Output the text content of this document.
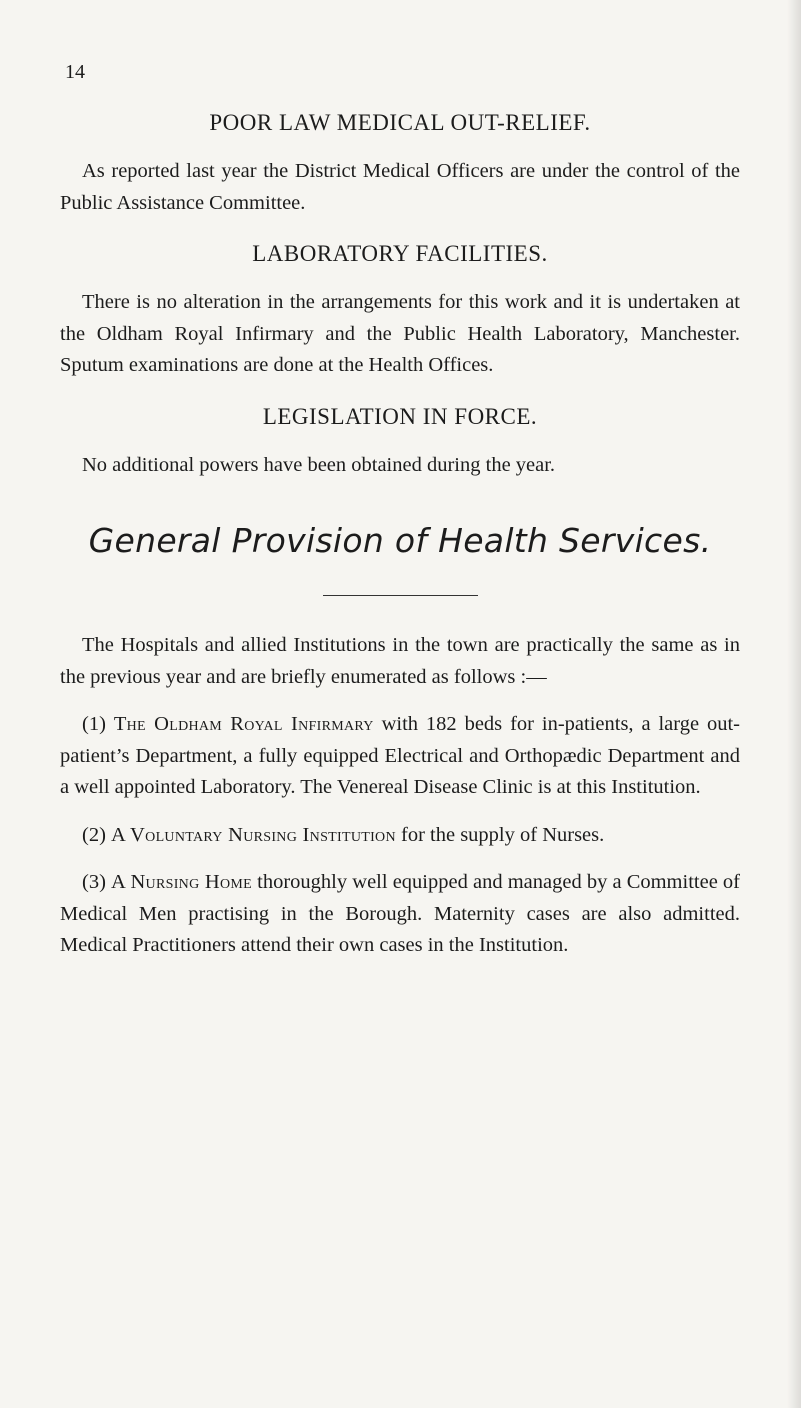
14
POOR LAW MEDICAL OUT-RELIEF.

As reported last year the District Medical Officers are under the control of the Public Assistance Committee.

LABORATORY FACILITIES.

There is no alteration in the arrangements for this work and it is undertaken at the Oldham Royal Infirmary and the Public Health Laboratory, Manchester. Sputum examinations are done at the Health Offices.

LEGISLATION IN FORCE.

No additional powers have been obtained during the year.

General Provision of Health Services.

The Hospitals and allied Institutions in the town are practically the same as in the previous year and are briefly enumerated as follows :—

(1) The Oldham Royal Infirmary with 182 beds for in-patients, a large out-patient’s Department, a fully equipped Electrical and Orthopædic Department and a well appointed Laboratory. The Venereal Disease Clinic is at this Institution.

(2) A Voluntary Nursing Institution for the supply of Nurses.

(3) A Nursing Home thoroughly well equipped and managed by a Committee of Medical Men practising in the Borough. Maternity cases are also admitted. Medical Practitioners attend their own cases in the Institution.
